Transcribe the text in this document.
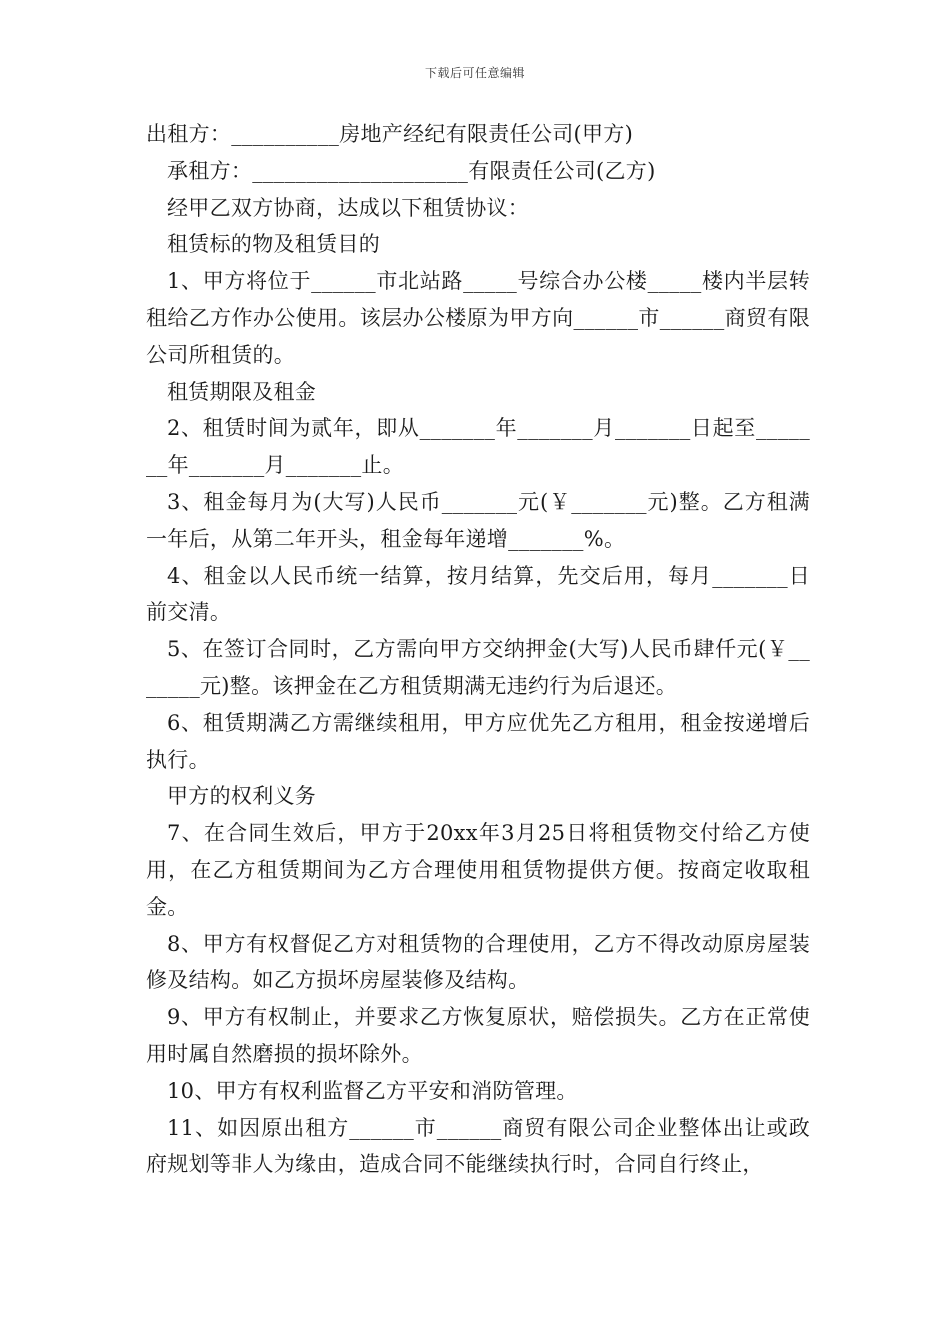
下载后可任意编辑

出租方：__________房地产经纪有限责任公司(甲方)

承租方：____________________有限责任公司(乙方)

经甲乙双方协商，达成以下租赁协议：

租赁标的物及租赁目的

1、甲方将位于______市北站路_____号综合办公楼_____楼内半层转租给乙方作办公使用。该层办公楼原为甲方向______市______商贸有限公司所租赁的。

租赁期限及租金

2、租赁时间为贰年，即从_______年_______月_______日起至_______年_______月_______止。

3、租金每月为(大写)人民币_______元(￥_______元)整。乙方租满一年后，从第二年开头，租金每年递增_______%。

4、租金以人民币统一结算，按月结算，先交后用，每月_______日前交清。

5、在签订合同时，乙方需向甲方交纳押金(大写)人民币肆仟元(￥_______元)整。该押金在乙方租赁期满无违约行为后退还。

6、租赁期满乙方需继续租用，甲方应优先乙方租用，租金按递增后执行。

甲方的权利义务

7、在合同生效后，甲方于20xx年3月25日将租赁物交付给乙方使用，在乙方租赁期间为乙方合理使用租赁物提供方便。按商定收取租金。

8、甲方有权督促乙方对租赁物的合理使用，乙方不得改动原房屋装修及结构。如乙方损坏房屋装修及结构。

9、甲方有权制止，并要求乙方恢复原状，赔偿损失。乙方在正常使用时属自然磨损的损坏除外。

10、甲方有权利监督乙方平安和消防管理。

11、如因原出租方______市______商贸有限公司企业整体出让或政府规划等非人为缘由，造成合同不能继续执行时，合同自行终止，
